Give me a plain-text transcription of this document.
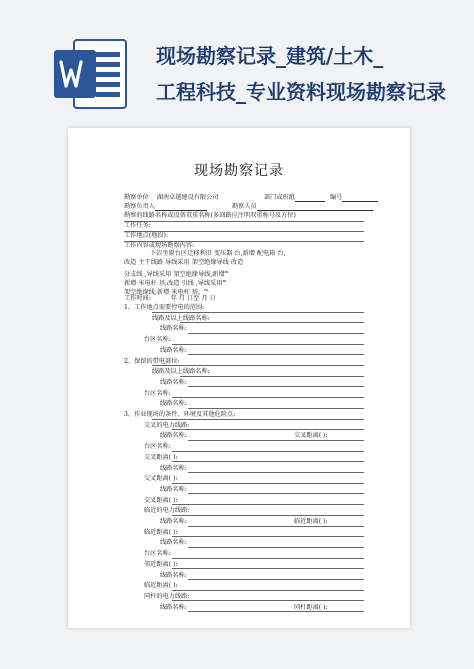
现场勘察记录_建筑/土木_
工程科技_专业资料现场勘察记录
现场勘察记录
勘察单位 湖南卓越建设有限公司	部门或班组	编号
勘察负责人	勘察人员
勘察的线路名称或设备双重名称(多回路应注明双重称号及方位)
工作任务:
工作地点(地段):
工作内容或现场勘察内容:
下岩坐原台区迁移利旧 变压器 台,新增 配电箱 台,
改造 主干线路 导线采用 架空绝缘导线 改造
分支线 ,导线采用 架空绝缘导线,新增$^m$
新增 米电杆 基,改造 引线 ,导线采用$^m$
架空绝缘线,新增 米电杆 基。$^m$
工作时间:	年 月 日至 月 日
1、工作地点需要停电的范围:
线路及以上线路名称:
线路名称:
台区名称:
线路名称:
2、保留的带电部位:
线路及以上线路名称:
线路名称:
台区名称:
线路名称:
3、作业现场的条件、环境及其他危险点:
交叉的电力线路:
线路名称:	交叉距离( ):
台区名称:
交叉距离( ):
线路名称:
交叉距离( ):
线路名称:
交叉距离( ):
临近的电力线路:
线路名称:	临近距离( ):
临近距离( ):
线路名称:
台区名称:
邻近距离( ):
线路名称:
临近距离( ):
同杆的电力线路:
线路名称:	同杆距离( ):
